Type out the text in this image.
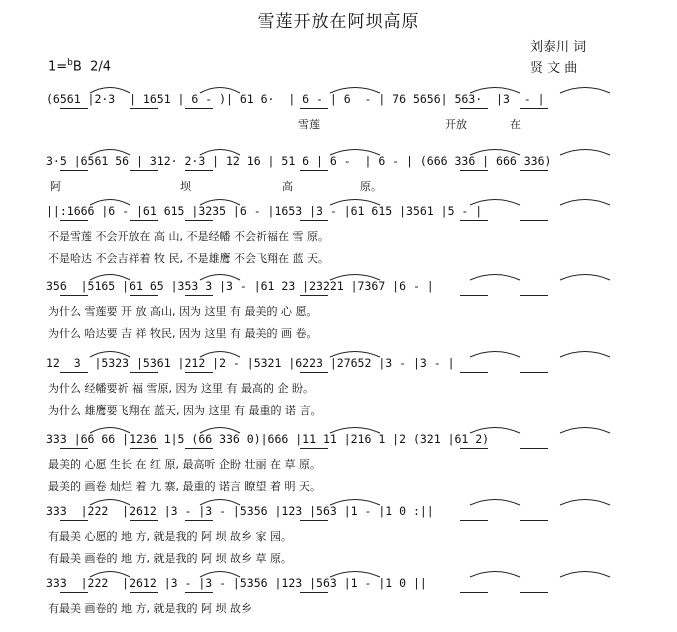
雪莲开放在阿坝高原
刘泰川 词
贤 文 曲
1=$^b$B 2/4
(6561 |2·3  | 1651 | 6 - )| 61 6·  | 6 - | 6  - | 76 5656| 563·  |3  - |
雪莲	开放	在
3·5 |6561 56 | 312· 2·3 | 12 16 | 51 6 | 6 -  | 6 - | (666 336 | 666 336)
阿	坝	高	原。
||:1666 |6 - |61 615 |3235 |6 - |1653 |3 - |61 615 |3561 |5 - |
不是雪莲 不会开放在 高 山, 不是经幡 不会祈福在 雪 原。
不是哈达 不会吉祥着 牧 民, 不是雄鹰 不会飞翔在 蓝 天。
356  |5165 |61 65 |353 3 |3 - |61 23 |23221 |7367 |6 - |
为什么 雪莲要 开 放 高山, 因为 这里 有 最美的 心 愿。
为什么 哈达要 吉 祥 牧民, 因为 这里 有 最美的 画 卷。
12  3  |5323 |5361 |212 |2 - |5321 |6223 |27652 |3 - |3 - |
为什么 经幡要祈 福 雪原, 因为 这里 有 最高的 企 盼。
为什么 雄鹰要飞翔在 蓝天, 因为 这里 有 最重的 诺 言。
333 |66 66 |1236 1|5 (66 336 0)|666 |11 11 |216 1 |2 (321 |61 2)
最美的 心愿 生长 在 红 原, 最高听 企盼 壮丽 在 草 原。
最美的 画卷 灿烂 着 九 寨, 最重的 诺言 瞭望 着 明 天。
333  |222  |2612 |3 - |3 - |5356 |123 |563 |1 - |1 0 :||
有最美 心愿的 地 方, 就是我的 阿 坝 故乡 家 园。
有最美 画卷的 地 方, 就是我的 阿 坝 故乡 草 原。
333  |222  |2612 |3 - |3 - |5356 |123 |563 |1 - |1 0 ||
有最美 画卷的 地 方, 就是我的 阿 坝 故乡
